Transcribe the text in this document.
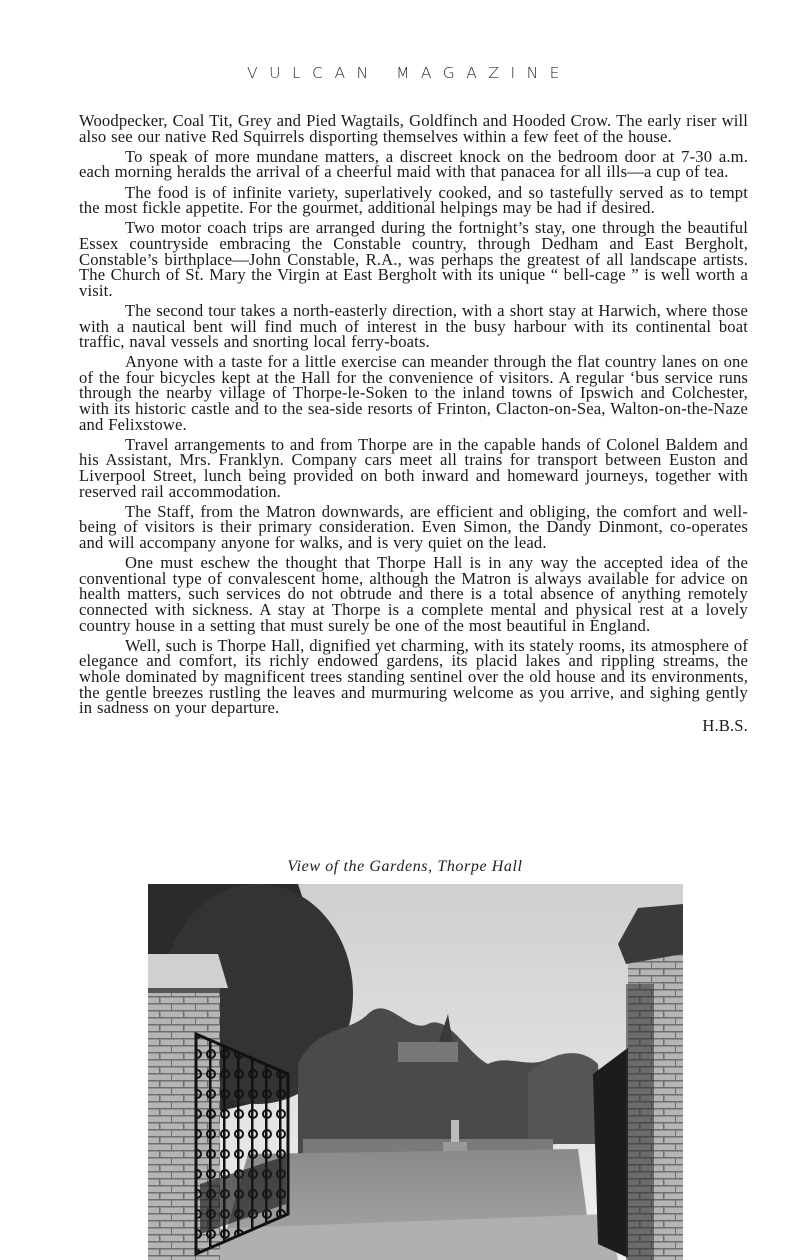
VULCAN MAGAZINE

Woodpecker, Coal Tit, Grey and Pied Wagtails, Goldfinch and Hooded Crow. The early riser will also see our native Red Squirrels disporting themselves within a few feet of the house.

To speak of more mundane matters, a discreet knock on the bedroom door at 7-30 a.m. each morning heralds the arrival of a cheerful maid with that panacea for all ills—a cup of tea.

The food is of infinite variety, superlatively cooked, and so tastefully served as to tempt the most fickle appetite. For the gourmet, additional helpings may be had if desired.

Two motor coach trips are arranged during the fortnight’s stay, one through the beautiful Essex countryside embracing the Constable country, through Dedham and East Bergholt, Constable’s birthplace—John Constable, R.A., was perhaps the greatest of all landscape artists. The Church of St. Mary the Virgin at East Bergholt with its unique “ bell-cage ” is well worth a visit.

The second tour takes a north-easterly direction, with a short stay at Harwich, where those with a nautical bent will find much of interest in the busy harbour with its continental boat traffic, naval vessels and snorting local ferry-boats.

Anyone with a taste for a little exercise can meander through the flat country lanes on one of the four bicycles kept at the Hall for the convenience of visitors. A regular ‘bus service runs through the nearby village of Thorpe-le-Soken to the inland towns of Ipswich and Colchester, with its historic castle and to the sea-side resorts of Frinton, Clacton-on-Sea, Walton-on-the-Naze and Felixstowe.

Travel arrangements to and from Thorpe are in the capable hands of Colonel Baldem and his Assistant, Mrs. Franklyn. Company cars meet all trains for transport between Euston and Liverpool Street, lunch being provided on both inward and homeward journeys, together with reserved rail accommodation.

The Staff, from the Matron downwards, are efficient and obliging, the comfort and well-being of visitors is their primary consideration. Even Simon, the Dandy Dinmont, co-operates and will accompany anyone for walks, and is very quiet on the lead.

One must eschew the thought that Thorpe Hall is in any way the accepted idea of the conventional type of convalescent home, although the Matron is always available for advice on health matters, such services do not obtrude and there is a total absence of anything remotely connected with sickness. A stay at Thorpe is a complete mental and physical rest at a lovely country house in a setting that must surely be one of the most beautiful in England.

Well, such is Thorpe Hall, dignified yet charming, with its stately rooms, its atmosphere of elegance and comfort, its richly endowed gardens, its placid lakes and rippling streams, the whole dominated by magnificent trees standing sentinel over the old house and its environments, the gentle breezes rustling the leaves and murmuring welcome as you arrive, and sighing gently in sadness on your departure.

H.B.S.
View of the Gardens, Thorpe Hall
